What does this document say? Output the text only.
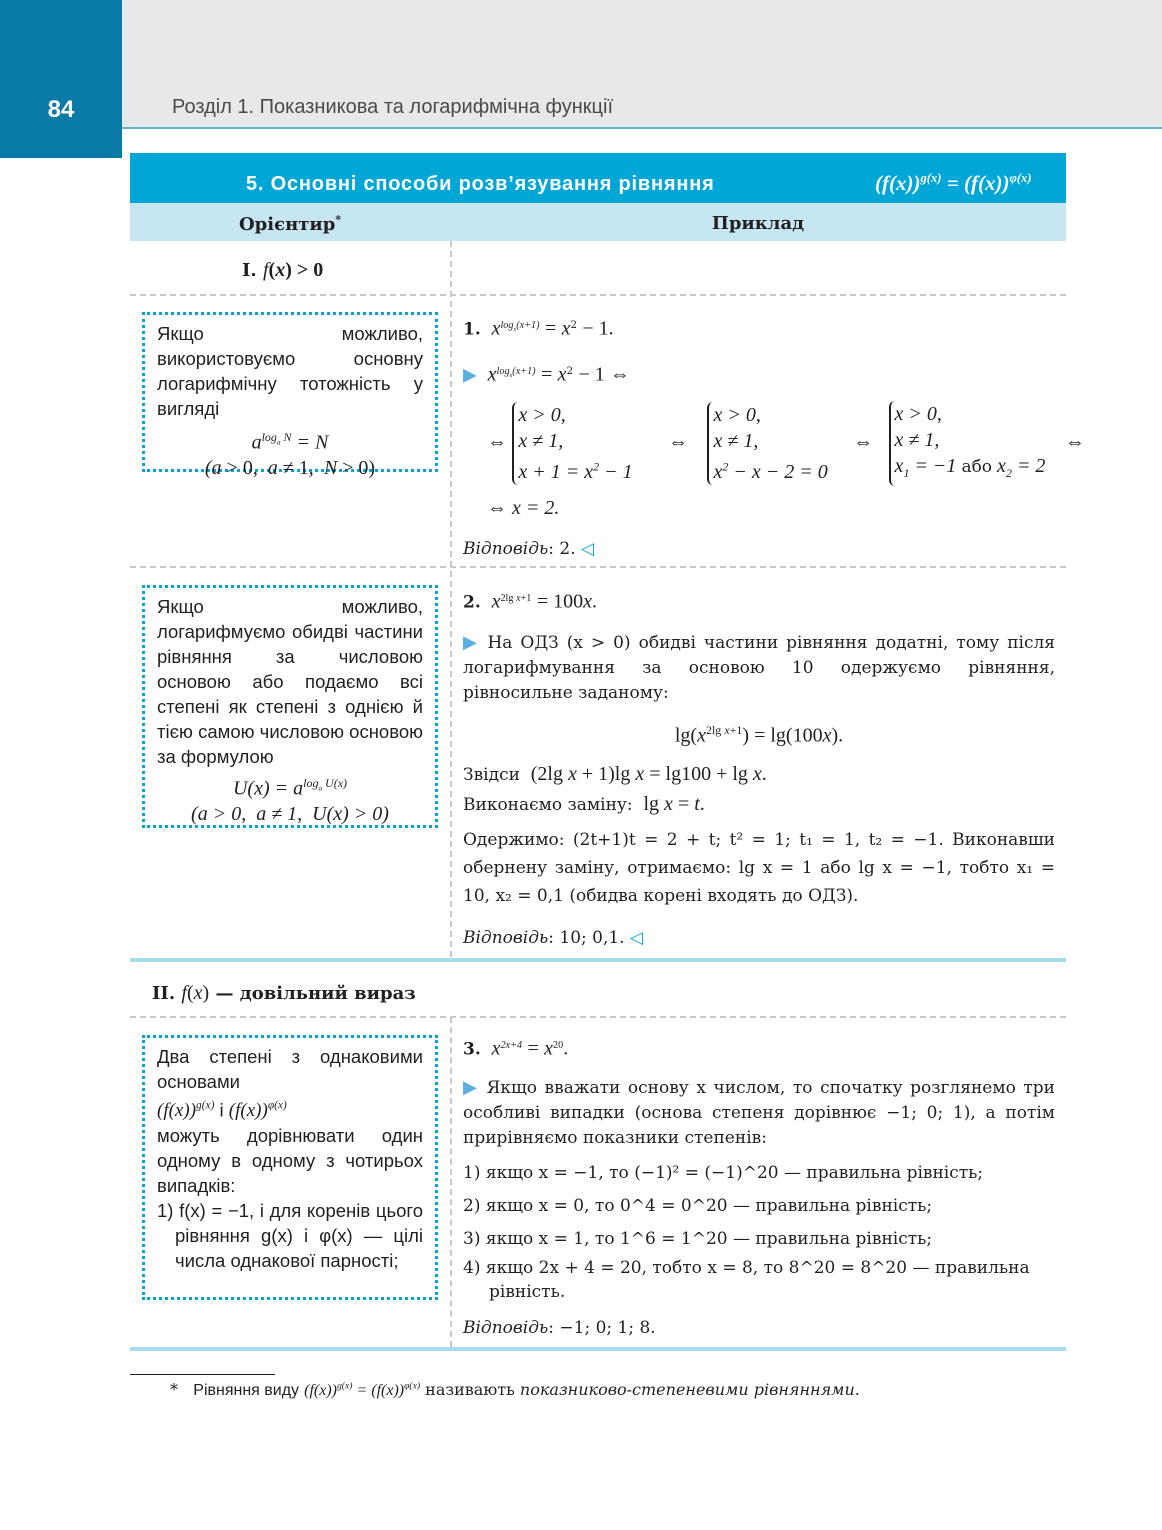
84	Розділ 1. Показникова та логарифмічна функції
5. Основні способи розв’язування рівняння	$(f(x))^{g(x)} = (f(x))^{\varphi(x)}$
Орієнтир*	Приклад
I. f(x) > 0

Якщо можливо, використовуємо основну логарифмічну тотожність у вигляді

$a^{log_a N} = N$
(a > 0,  a ≠ 1,  N > 0)
1. $x^{log_x(x+1)} = x^2 - 1$.
▶ $x^{log_x(x+1)} = x^2 - 1$ ⇔
⇔ x > 0,
x ≠ 1,
$x + 1 = x^2 - 1$ ⇔ x > 0,
x ≠ 1,
$x^2 - x - 2 = 0$ ⇔ x > 0,
x ≠ 1,
$x_1 = -1$ або $x_2 = 2$ ⇔
⇔ x = 2.
Відповідь: 2. ◁

Якщо можливо, логарифмуємо обидві частини рівняння за числовою основою або подаємо всі степені як степені з однією й тією самою числовою основою за формулою

$U(x) = a^{log_a U(x)}$
(a > 0,  a ≠ 1,  U(x) > 0)
2. $x^{2lg x+1} = 100x$.

▶ На ОДЗ (x > 0) обидві частини рівняння додатні, тому після логарифмування за основою 10 одержуємо рівняння, рівносильне заданому:

$\lg(x^{2lg x+1}) = \lg(100x)$.
Звідси (2lg x + 1)lg x = lg100 + lg x.
Виконаємо заміну: lg x = t.

Одержимо: (2t+1)t = 2 + t; t² = 1; t₁ = 1, t₂ = −1. Виконавши обернену заміну, отримаємо: lg x = 1 або lg x = −1, тобто x₁ = 10, x₂ = 0,1 (обидва корені входять до ОДЗ).

Відповідь: 10; 0,1. ◁
II. f(x) — довільний вираз

Два степені з однаковими основами

$(f(x))^{g(x)}$ і $(f(x))^{\varphi(x)}$

можуть дорівнювати один одному в одному з чотирьох випадків:

1) f(x) = −1, і для коренів цього рівняння g(x) і φ(x) — цілі числа однакової парності;

3. $x^{2x+4} = x^{20}$.

▶ Якщо вважати основу x числом, то спочатку розглянемо три особливі випадки (основа степеня дорівнює −1; 0; 1), а потім прирівняємо показники степенів:

1) якщо x = −1, то (−1)² = (−1)^20 — правильна рівність;
2) якщо x = 0, то 0^4 = 0^20 — правильна рівність;
3) якщо x = 1, то 1^6 = 1^20 — правильна рівність;
4) якщо 2x + 4 = 20, тобто x = 8, то 8^20 = 8^20 — правильна рівність.
Відповідь: −1; 0; 1; 8.
* Рівняння виду $(f(x))^{g(x)} = (f(x))^{\varphi(x)}$ називають показниково-степеневими рівняннями.
